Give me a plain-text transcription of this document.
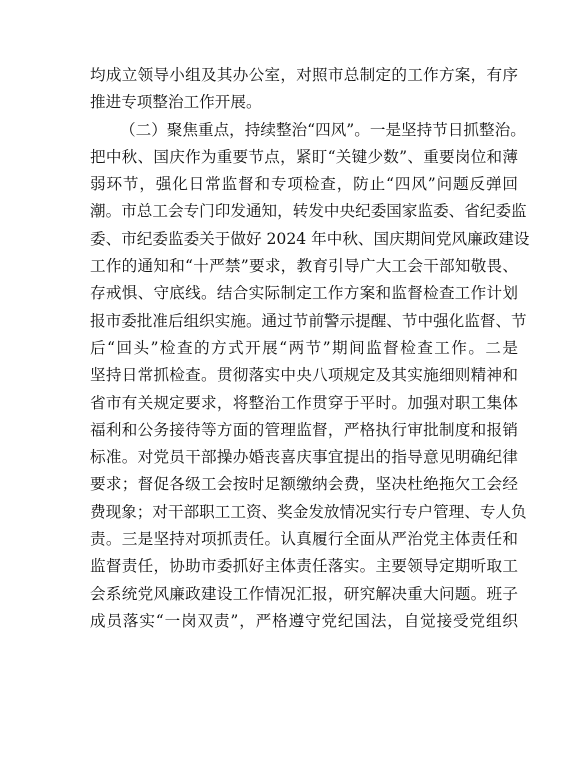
均成立领导小组及其办公室，对照市总制定的工作方案，有序
推进专项整治工作开展。
（二）聚焦重点，持续整治“四风”。一是坚持节日抓整治。
把中秋、国庆作为重要节点，紧盯“关键少数”、重要岗位和薄
弱环节，强化日常监督和专项检查，防止“四风”问题反弹回
潮。市总工会专门印发通知，转发中央纪委国家监委、省纪委监
委、市纪委监委关于做好 2024 年中秋、国庆期间党风廉政建设
工作的通知和“十严禁”要求，教育引导广大工会干部知敬畏、
存戒惧、守底线。结合实际制定工作方案和监督检查工作计划
报市委批准后组织实施。通过节前警示提醒、节中强化监督、节
后“回头”检查的方式开展“两节”期间监督检查工作。二是
坚持日常抓检查。贯彻落实中央八项规定及其实施细则精神和
省市有关规定要求，将整治工作贯穿于平时。加强对职工集体
福利和公务接待等方面的管理监督，严格执行审批制度和报销
标准。对党员干部操办婚丧喜庆事宜提出的指导意见明确纪律
要求；督促各级工会按时足额缴纳会费，坚决杜绝拖欠工会经
费现象；对干部职工工资、奖金发放情况实行专户管理、专人负
责。三是坚持对项抓责任。认真履行全面从严治党主体责任和
监督责任，协助市委抓好主体责任落实。主要领导定期听取工
会系统党风廉政建设工作情况汇报，研究解决重大问题。班子
成员落实“一岗双责”，严格遵守党纪国法，自觉接受党组织
